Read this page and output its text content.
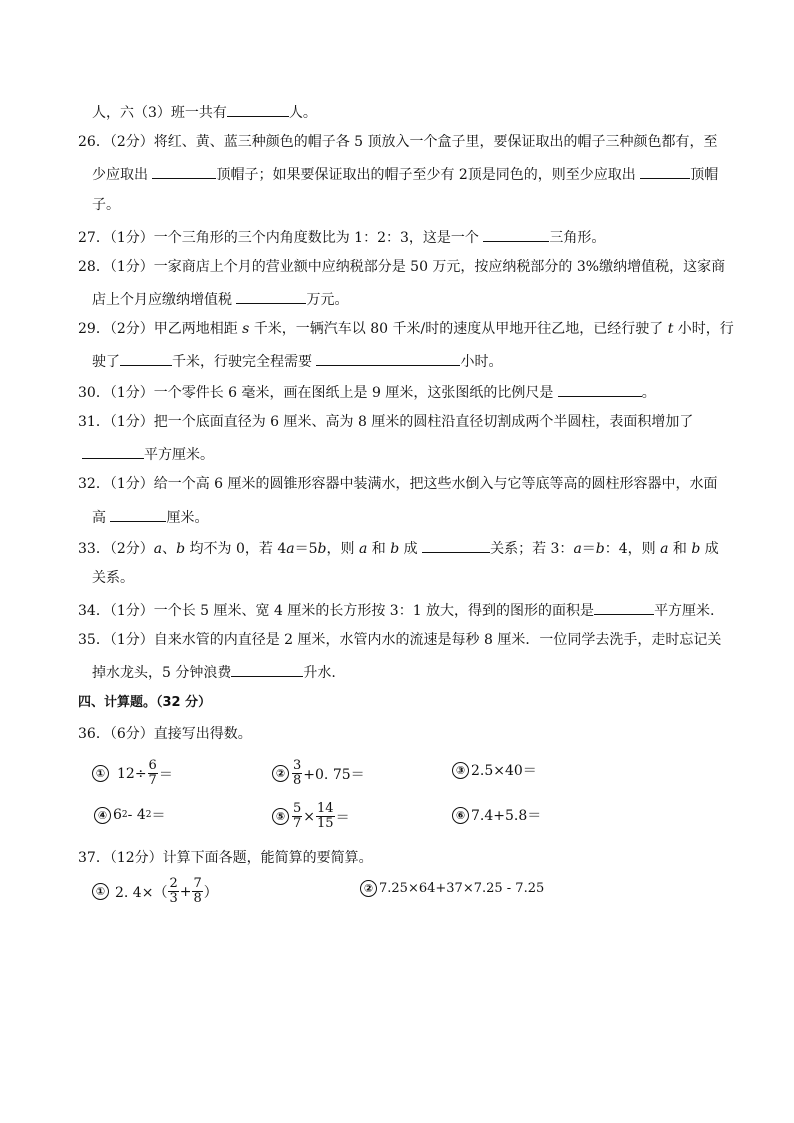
人，六（3）班一共有	人。
26．（2分）将红、黄、蓝三种颜色的帽子各 5 顶放入一个盒子里，要保证取出的帽子三种颜色都有，至
少应取出	顶帽子；如果要保证取出的帽子至少有 2顶是同色的，则至少应取出	顶帽
子。
27．（1分）一个三角形的三个内角度数比为 1：2：3，这是一个	三角形。
28．（1分）一家商店上个月的营业额中应纳税部分是 50 万元，按应纳税部分的 3%缴纳增值税，这家商
店上个月应缴纳增值税	万元。
29．（2分）甲乙两地相距 s 千米，一辆汽车以 80 千米/时的速度从甲地开往乙地，已经行驶了 t 小时，行
驶了	千米，行驶完全程需要	小时。
30．（1分）一个零件长 6 毫米，画在图纸上是 9 厘米，这张图纸的比例尺是	。
31．（1分）把一个底面直径为 6 厘米、高为 8 厘米的圆柱沿直径切割成两个半圆柱，表面积增加了
平方厘米。
32．（1分）给一个高 6 厘米的圆锥形容器中装满水，把这些水倒入与它等底等高的圆柱形容器中，水面
高	厘米。
33．（2分）a、b 均不为 0，若 4a＝5b，则 a 和 b 成	关系；若 3：a＝b：4，则 a 和 b 成
关系。
34．（1分）一个长 5 厘米、宽 4 厘米的长方形按 3：1 放大，得到的图形的面积是	平方厘米.
35．（1分）自来水管的内直径是 2 厘米，水管内水的流速是每秒 8 厘米．一位同学去洗手，走时忘记关
掉水龙头，5 分钟浪费	升水.
四、计算题。（32 分）
36．（6分）直接写出得数。
① $12\div \frac{6}{7}$ ＝	② $\frac{3}{8} +0$. 75＝	③ 2.5×40＝
④ 6 2 - 4 2 ＝	⑤ $\frac{5}{7} \times \frac{14}{15}$ ＝	⑥ 7.4+5.8＝
37．（12分）计算下面各题，能简算的要简算。
① 2. $4\times( \frac{2}{3} + \frac{7}{8}$ ）	② 7.25×64+37×7.25 - 7.25
